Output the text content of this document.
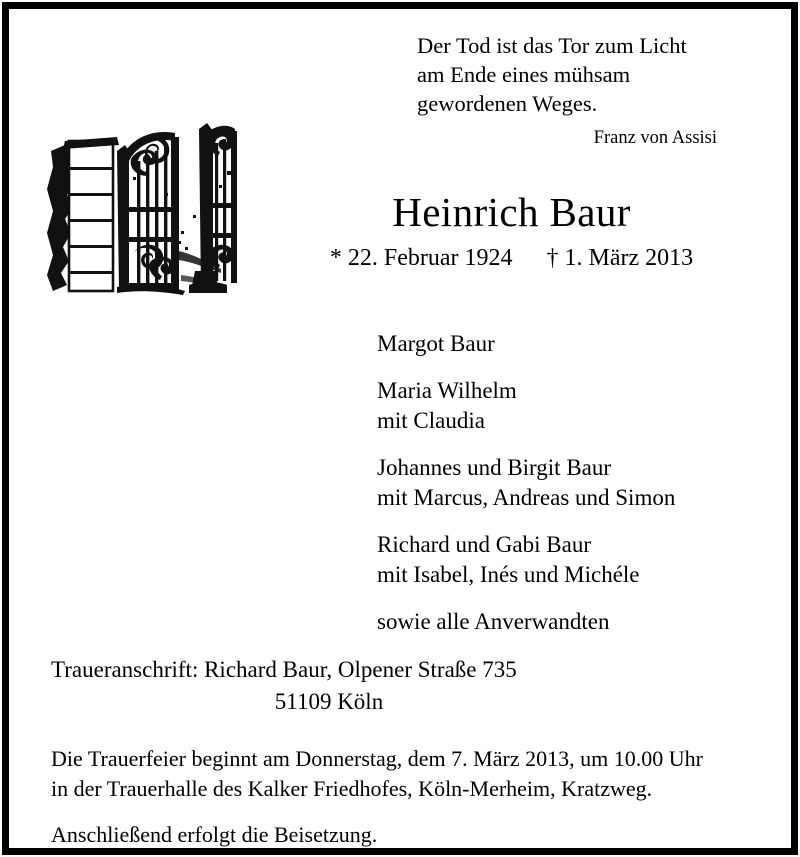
Der Tod ist das Tor zum Licht
am Ende eines mühsam
gewordenen Weges.
Franz von Assisi
Heinrich Baur
* 22. Februar 1924 † 1. März 2013
Margot Baur
Maria Wilhelm
mit Claudia
Johannes und Birgit Baur
mit Marcus, Andreas und Simon
Richard und Gabi Baur
mit Isabel, Inés und Michéle
sowie alle Anverwandten
Traueranschrift: Richard Baur, Olpener Straße 735
51109 Köln
Die Trauerfeier beginnt am Donnerstag, dem 7. März 2013, um 10.00 Uhr
in der Trauerhalle des Kalker Friedhofes, Köln-Merheim, Kratzweg.
Anschließend erfolgt die Beisetzung.
